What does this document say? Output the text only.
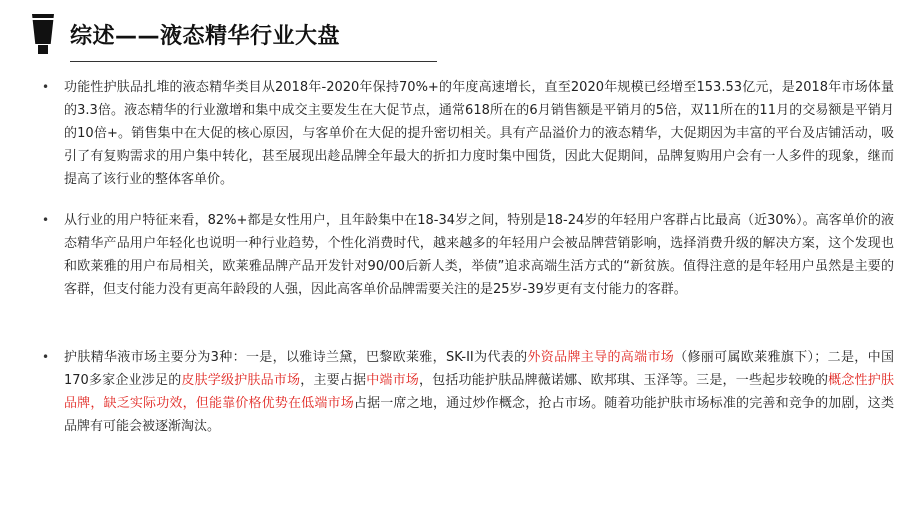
综述——液态精华行业大盘
• 功能性护肤品扎堆的液态精华类目从2018年-2020年保持70%+的年度高速增长，直至2020年规模已经增至153.53亿元，是2018年市场体量的3.3倍。液态精华的行业激增和集中成交主要发生在大促节点，通常618所在的6月销售额是平销月的5倍，双11所在的11月的交易额是平销月的10倍+。销售集中在大促的核心原因，与客单价在大促的提升密切相关。具有产品溢价力的液态精华，大促期因为丰富的平台及店铺活动，吸引了有复购需求的用户集中转化，甚至展现出趁品牌全年最大的折扣力度时集中囤货，因此大促期间，品牌复购用户会有一人多件的现象，继而提高了该行业的整体客单价。
• 从行业的用户特征来看，82%+都是女性用户，且年龄集中在18-34岁之间，特别是18-24岁的年轻用户客群占比最高（近30%）。高客单价的液态精华产品用户年轻化也说明一种行业趋势，个性化消费时代，越来越多的年轻用户会被品牌营销影响，选择消费升级的解决方案，这个发现也和欧莱雅的用户布局相关，欧莱雅品牌产品开发针对90/00后新人类，举债”追求高端生活方式的“新贫族。值得注意的是年轻用户虽然是主要的客群，但支付能力没有更高年龄段的人强，因此高客单价品牌需要关注的是25岁-39岁更有支付能力的客群。
• 护肤精华液市场主要分为3种：一是，以雅诗兰黛，巴黎欧莱雅，SK-II为代表的外资品牌主导的高端市场（修丽可属欧莱雅旗下）；二是，中国170多家企业涉足的皮肤学级护肤品市场，主要占据中端市场，包括功能护肤品牌薇诺娜、欧邦琪、玉泽等。三是，一些起步较晚的概念性护肤品牌，缺乏实际功效，但能靠价格优势在低端市场占据一席之地，通过炒作概念，抢占市场。随着功能护肤市场标准的完善和竞争的加剧，这类品牌有可能会被逐渐淘汰。
